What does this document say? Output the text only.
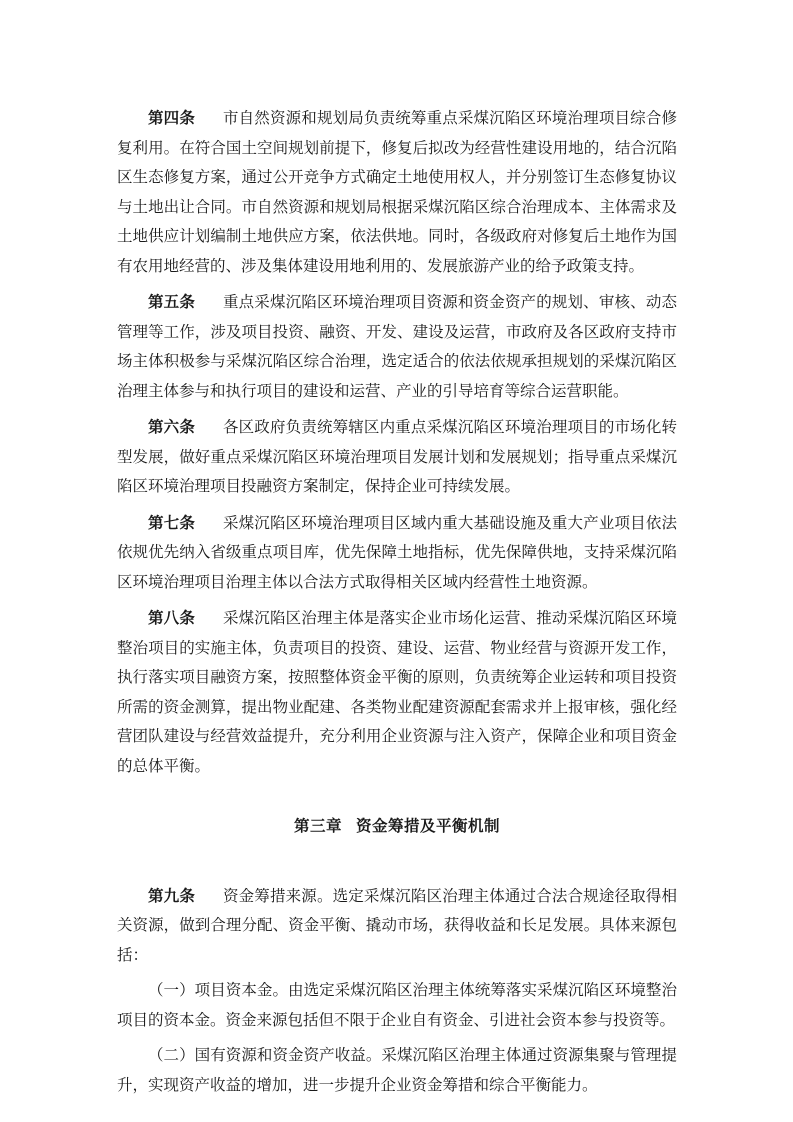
第四条 市自然资源和规划局负责统筹重点采煤沉陷区环境治理项目综合修复利用。在符合国土空间规划前提下，修复后拟改为经营性建设用地的，结合沉陷区生态修复方案，通过公开竞争方式确定土地使用权人，并分别签订生态修复协议与土地出让合同。市自然资源和规划局根据采煤沉陷区综合治理成本、主体需求及土地供应计划编制土地供应方案，依法供地。同时，各级政府对修复后土地作为国有农用地经营的、涉及集体建设用地利用的、发展旅游产业的给予政策支持。

第五条 重点采煤沉陷区环境治理项目资源和资金资产的规划、审核、动态管理等工作，涉及项目投资、融资、开发、建设及运营，市政府及各区政府支持市场主体积极参与采煤沉陷区综合治理，选定适合的依法依规承担规划的采煤沉陷区治理主体参与和执行项目的建设和运营、产业的引导培育等综合运营职能。

第六条 各区政府负责统筹辖区内重点采煤沉陷区环境治理项目的市场化转型发展，做好重点采煤沉陷区环境治理项目发展计划和发展规划；指导重点采煤沉陷区环境治理项目投融资方案制定，保持企业可持续发展。

第七条 采煤沉陷区环境治理项目区域内重大基础设施及重大产业项目依法依规优先纳入省级重点项目库，优先保障土地指标，优先保障供地，支持采煤沉陷区环境治理项目治理主体以合法方式取得相关区域内经营性土地资源。

第八条 采煤沉陷区治理主体是落实企业市场化运营、推动采煤沉陷区环境整治项目的实施主体，负责项目的投资、建设、运营、物业经营与资源开发工作，执行落实项目融资方案，按照整体资金平衡的原则，负责统筹企业运转和项目投资所需的资金测算，提出物业配建、各类物业配建资源配套需求并上报审核，强化经营团队建设与经营效益提升，充分利用企业资源与注入资产，保障企业和项目资金的总体平衡。

第三章 资金筹措及平衡机制

第九条 资金筹措来源。选定采煤沉陷区治理主体通过合法合规途径取得相关资源，做到合理分配、资金平衡、撬动市场，获得收益和长足发展。具体来源包括：

（一）项目资本金。由选定采煤沉陷区治理主体统筹落实采煤沉陷区环境整治项目的资本金。资金来源包括但不限于企业自有资金、引进社会资本参与投资等。

（二）国有资源和资金资产收益。采煤沉陷区治理主体通过资源集聚与管理提升，实现资产收益的增加，进一步提升企业资金筹措和综合平衡能力。
